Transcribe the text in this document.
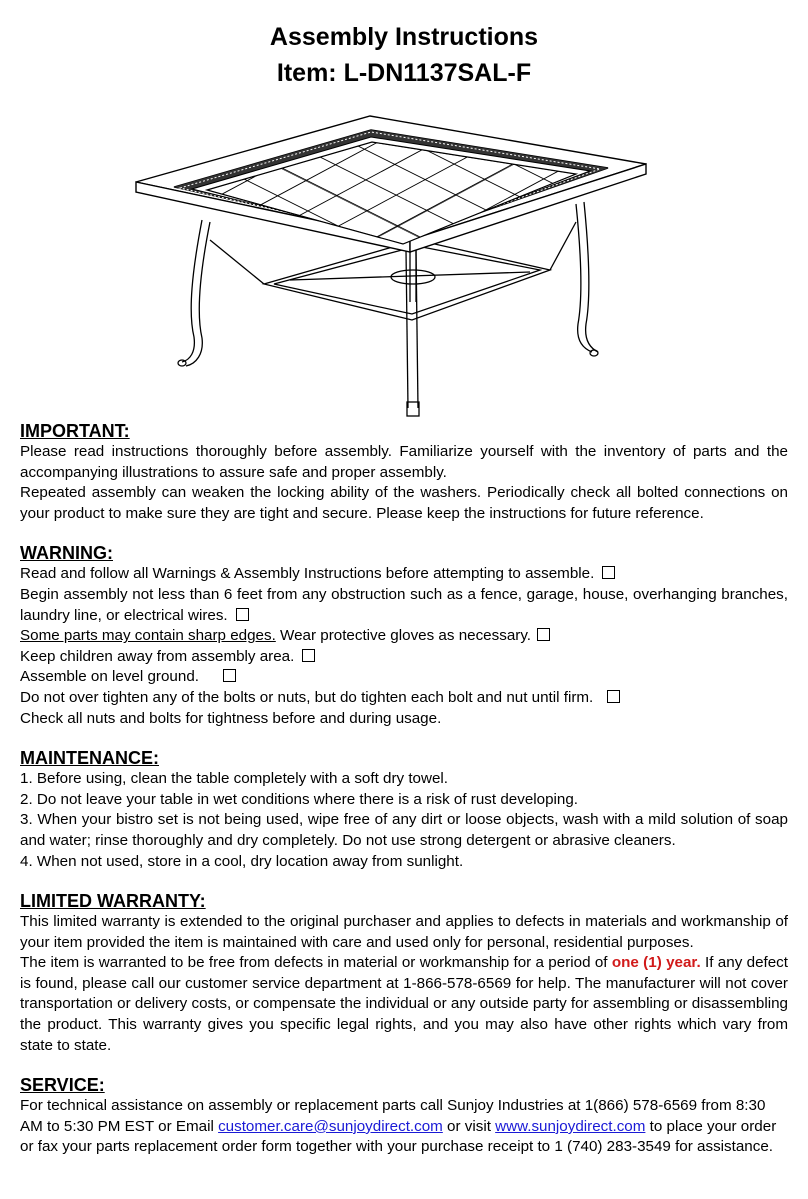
Assembly Instructions
Item: L-DN1137SAL-F
IMPORTANT:

Please read instructions thoroughly before assembly. Familiarize yourself with the inventory of parts and the accompanying illustrations to assure safe and proper assembly.

Repeated assembly can weaken the locking ability of the washers. Periodically check all bolted connections on your product to make sure they are tight and secure. Please keep the instructions for future reference.

WARNING:

Read and follow all Warnings & Assembly Instructions before attempting to assemble.

Begin assembly not less than 6 feet from any obstruction such as a fence, garage, house, overhanging branches, laundry line, or electrical wires.

Some parts may contain sharp edges. Wear protective gloves as necessary.

Keep children away from assembly area.

Assemble on level ground.

Do not over tighten any of the bolts or nuts, but do tighten each bolt and nut until firm.

Check all nuts and bolts for tightness before and during usage.

MAINTENANCE:

1. Before using, clean the table completely with a soft dry towel.

2. Do not leave your table in wet conditions where there is a risk of rust developing.

3. When your bistro set is not being used, wipe free of any dirt or loose objects, wash with a mild solution of soap and water; rinse thoroughly and dry completely. Do not use strong detergent or abrasive cleaners.

4. When not used, store in a cool, dry location away from sunlight.

LIMITED WARRANTY:

This limited warranty is extended to the original purchaser and applies to defects in materials and workmanship of your item provided the item is maintained with care and used only for personal, residential purposes.

The item is warranted to be free from defects in material or workmanship for a period of one (1) year. If any defect is found, please call our customer service department at 1-866-578-6569 for help. The manufacturer will not cover transportation or delivery costs, or compensate the individual or any outside party for assembling or disassembling the product. This warranty gives you specific legal rights, and you may also have other rights which vary from state to state.

SERVICE:

For technical assistance on assembly or replacement parts call Sunjoy Industries at 1(866) 578-6569 from 8:30 AM to 5:30 PM EST or Email customer.care@sunjoydirect.com or visit www.sunjoydirect.com to place your order or fax your parts replacement order form together with your purchase receipt to 1 (740) 283-3549 for assistance.
